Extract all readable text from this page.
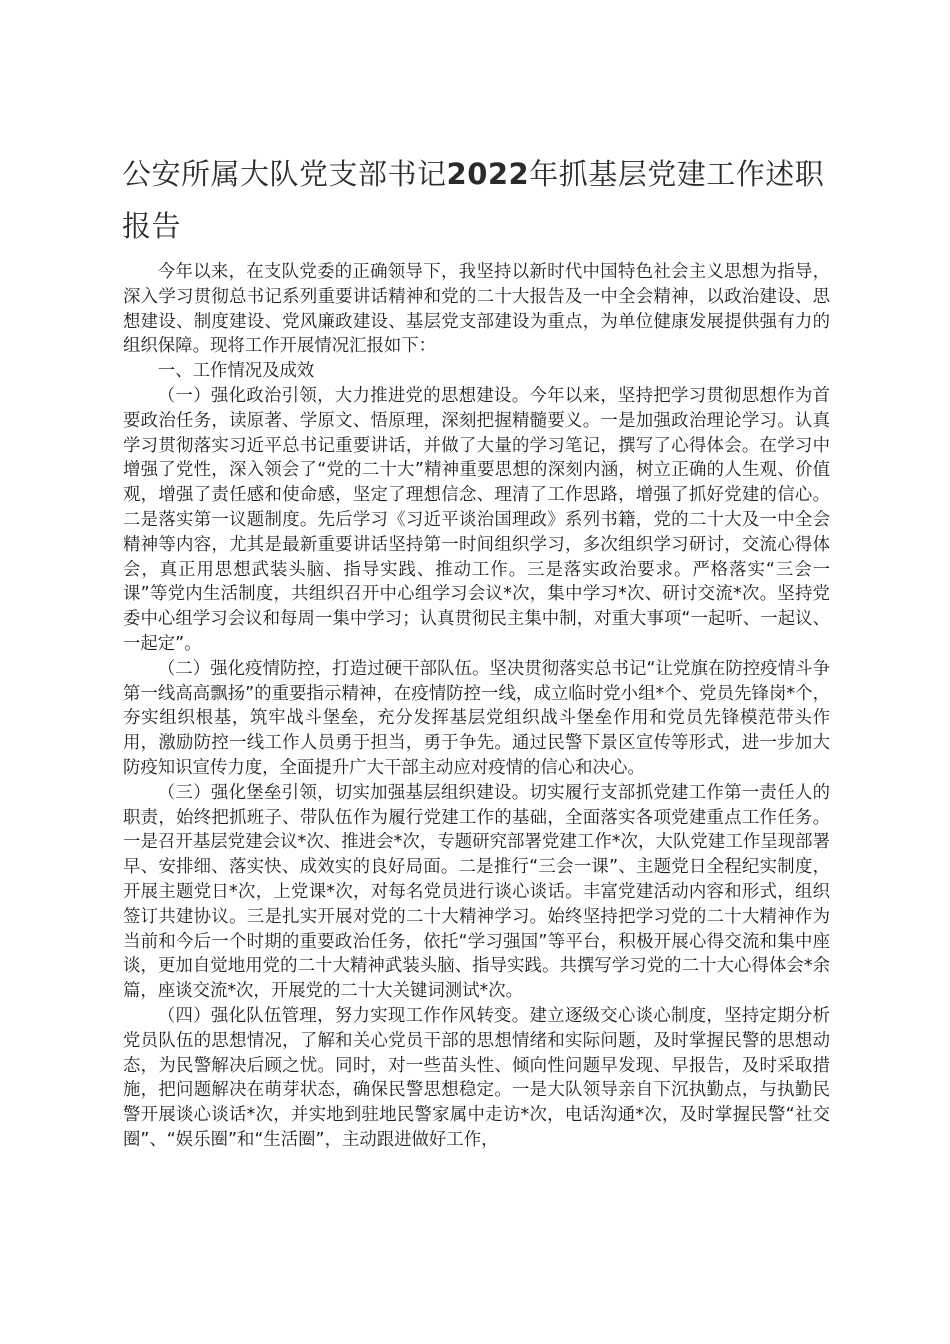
公安所属大队党支部书记2022年抓基层党建工作述职报告

今年以来，在支队党委的正确领导下，我坚持以新时代中国特色社会主义思想为指导，深入学习贯彻总书记系列重要讲话精神和党的二十大报告及一中全会精神，以政治建设、思想建设、制度建设、党风廉政建设、基层党支部建设为重点，为单位健康发展提供强有力的组织保障。现将工作开展情况汇报如下：

一、工作情况及成效

（一）强化政治引领，大力推进党的思想建设。今年以来，坚持把学习贯彻思想作为首要政治任务，读原著、学原文、悟原理，深刻把握精髓要义。一是加强政治理论学习。认真学习贯彻落实习近平总书记重要讲话，并做了大量的学习笔记，撰写了心得体会。在学习中增强了党性，深入领会了“党的二十大”精神重要思想的深刻内涵，树立正确的人生观、价值观，增强了责任感和使命感，坚定了理想信念、理清了工作思路，增强了抓好党建的信心。二是落实第一议题制度。先后学习《习近平谈治国理政》系列书籍，党的二十大及一中全会精神等内容，尤其是最新重要讲话坚持第一时间组织学习，多次组织学习研讨，交流心得体会，真正用思想武装头脑、指导实践、推动工作。三是落实政治要求。严格落实“三会一课”等党内生活制度，共组织召开中心组学习会议*次，集中学习*次、研讨交流*次。坚持党委中心组学习会议和每周一集中学习；认真贯彻民主集中制，对重大事项“一起听、一起议、一起定”。

（二）强化疫情防控，打造过硬干部队伍。坚决贯彻落实总书记“让党旗在防控疫情斗争第一线高高飘扬”的重要指示精神，在疫情防控一线，成立临时党小组*个、党员先锋岗*个，夯实组织根基，筑牢战斗堡垒，充分发挥基层党组织战斗堡垒作用和党员先锋模范带头作用，激励防控一线工作人员勇于担当，勇于争先。通过民警下景区宣传等形式，进一步加大防疫知识宣传力度，全面提升广大干部主动应对疫情的信心和决心。

（三）强化堡垒引领，切实加强基层组织建设。切实履行支部抓党建工作第一责任人的职责，始终把抓班子、带队伍作为履行党建工作的基础，全面落实各项党建重点工作任务。一是召开基层党建会议*次、推进会*次，专题研究部署党建工作*次，大队党建工作呈现部署早、安排细、落实快、成效实的良好局面。二是推行“三会一课”、主题党日全程纪实制度，开展主题党日*次，上党课*次，对每名党员进行谈心谈话。丰富党建活动内容和形式，组织签订共建协议。三是扎实开展对党的二十大精神学习。始终坚持把学习党的二十大精神作为当前和今后一个时期的重要政治任务，依托“学习强国”等平台，积极开展心得交流和集中座谈，更加自觉地用党的二十大精神武装头脑、指导实践。共撰写学习党的二十大心得体会*余篇，座谈交流*次，开展党的二十大关键词测试*次。

（四）强化队伍管理，努力实现工作作风转变。建立逐级交心谈心制度，坚持定期分析党员队伍的思想情况，了解和关心党员干部的思想情绪和实际问题，及时掌握民警的思想动态，为民警解决后顾之忧。同时，对一些苗头性、倾向性问题早发现、早报告，及时采取措施，把问题解决在萌芽状态，确保民警思想稳定。一是大队领导亲自下沉执勤点，与执勤民警开展谈心谈话*次，并实地到驻地民警家属中走访*次，电话沟通*次，及时掌握民警“社交圈”、“娱乐圈”和“生活圈”，主动跟进做好工作，
